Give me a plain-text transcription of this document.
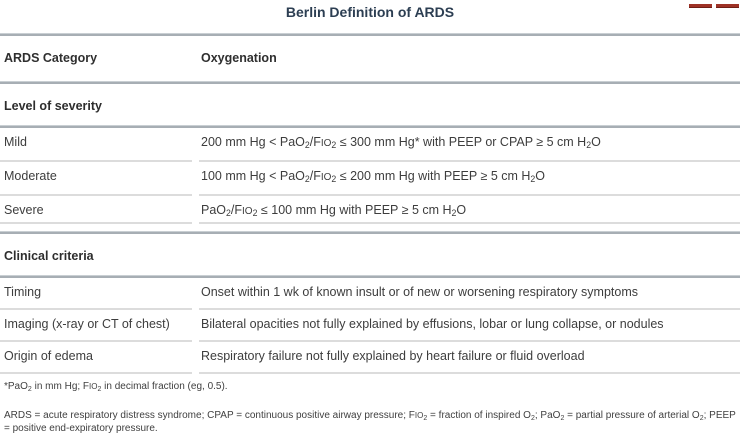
Berlin Definition of ARDS
ARDS Category	Oxygenation
Level of severity
Mild	200 mm $Hg < PaO_2/FIO_2 \le 300$ mm Hg* with PEEP or CPAP ≥ 5 cm $H_2O$
Moderate	100 mm $Hg < PaO_2/FIO_2 \le 200$ mm Hg with PEEP ≥ 5 cm $H_2O$
Severe	$PaO_2/FIO_2 \le 100$ mm Hg with PEEP ≥ 5 cm $H_2O$
Clinical criteria
Timing	Onset within 1 wk of known insult or of new or worsening respiratory symptoms
Imaging (x-ray or CT of chest)	Bilateral opacities not fully explained by effusions, lobar or lung collapse, or nodules
Origin of edema	Respiratory failure not fully explained by heart failure or fluid overload

*PaO$_2$ in mm Hg; $FIO_2$ in decimal fraction (eg, 0.5).

ARDS = acute respiratory distress syndrome; CPAP = continuous positive airway pressure; $FIO_2$ = fraction of inspired $O_2$; PaO$_2$ = partial pressure of arterial $O_2$; PEEP = positive end-expiratory pressure.
